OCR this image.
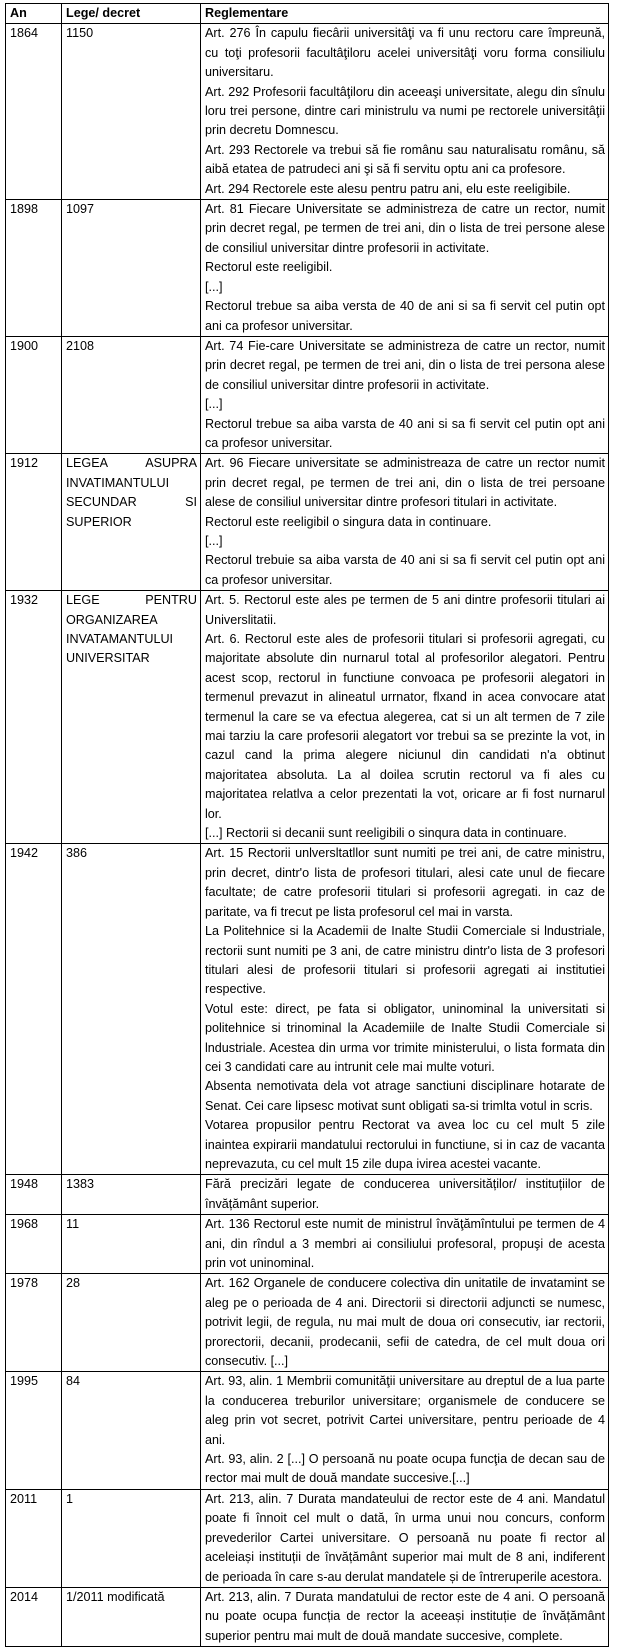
An	Lege/ decret	Reglementare
1864	1150	Art. 276 În capulu fiecârii universitâţi va fi unu rectoru care împreună, cu toţi profesorii facultâţiloru acelei universitâţi voru forma consiliulu universitaru.
Art. 292 Profesorii facultâţiloru din aceeaşi universitate, alegu din sînulu loru trei persone, dintre cari ministrulu va numi pe rectorele universitâţii prin decretu Domnescu.
Art. 293 Rectorele va trebui să fie românu sau naturalisatu românu, să aibă etatea de patrudeci ani şi să fi servitu optu ani ca profesore.
Art. 294 Rectorele este alesu pentru patru ani, elu este reeligibile.

1898	1097	Art. 81 Fiecare Universitate se administreza de catre un rector, numit prin decret regal, pe termen de trei ani, din o lista de trei persone alese de consiliul universitar dintre profesorii in activitate.
Rectorul este reeligibil.
[...]
Rectorul trebue sa aiba versta de 40 de ani si sa fi servit cel putin opt ani ca profesor universitar.

1900	2108	Art. 74 Fie-care Universitate se administreza de catre un rector, numit prin decret regal, pe termen de trei ani, din o lista de trei persona alese de consiliul universitar dintre profesorii in activitate.
[...]
Rectorul trebue sa aiba varsta de 40 ani si sa fi servit cel putin opt ani ca profesor universitar.

1912	LEGEA ASUPRA INVATIMANTULUI SECUNDAR SI SUPERIOR	Art. 96 Fiecare universitate se administreaza de catre un rector numit prin decret regal, pe termen de trei ani, din o lista de trei persoane alese de consiliul universitar dintre profesori titulari in activitate.
Rectorul este reeligibil o singura data in continuare.
[...]
Rectorul trebuie sa aiba varsta de 40 ani si sa fi servit cel putin opt ani ca profesor universitar.

1932	LEGE PENTRU ORGANIZAREA INVATAMANTULUI UNIVERSITAR	Art. 5. Rectorul este ales pe termen de 5 ani dintre profesorii titulari ai Universlitatii.
Art. 6. Rectorul este ales de profesorii titulari si profesorii agregati, cu majoritate absolute din nurnarul total al profesorilor alegatori. Pentru acest scop, rectorul in functiune convoaca pe profesorii alegatori in termenul prevazut in alineatul urrnator, flxand in acea convocare atat termenul la care se va efectua alegerea, cat si un alt termen de 7 zile mai tarziu la care profesorii alegatort vor trebui sa se prezinte la vot, in cazul cand la prima alegere niciunul din candidati n'a obtinut majoritatea absoluta. La al doilea scrutin rectorul va fi ales cu majoritatea relatlva a celor prezentati la vot, oricare ar fi fost nurnarul lor.
[...] Rectorii si decanii sunt reeligibili o sinqura data in continuare.

1942	386	Art. 15 Rectorii unlversltatllor sunt numiti pe trei ani, de catre ministru, prin decret, dintr'o lista de profesori titulari, alesi cate unul de fiecare facultate; de catre profesorii titulari si profesorii agregati. in caz de paritate, va fi trecut pe lista profesorul cel mai in varsta.
La Politehnice si la Academii de Inalte Studii Comerciale si lndustriale, rectorii sunt numiti pe 3 ani, de catre ministru dintr'o lista de 3 profesori titulari alesi de profesorii titulari si profesorii agregati ai institutiei respective.
Votul este: direct, pe fata si obligator, uninominal la universitati si politehnice si trinominal la Academiile de Inalte Studii Comerciale si lndustriale. Acestea din urma vor trimite ministerului, o lista formata din cei 3 candidati care au intrunit cele mai multe voturi.
Absenta nemotivata dela vot atrage sanctiuni disciplinare hotarate de Senat. Cei care lipsesc motivat sunt obligati sa-si trimlta votul in scris.
Votarea propusilor pentru Rectorat va avea loc cu cel mult 5 zile inaintea expirarii mandatului rectorului in functiune, si in caz de vacanta neprevazuta, cu cel mult 15 zile dupa ivirea acestei vacante.

1948	1383	Fără precizări legate de conducerea universităților/ instituțiilor de învățământ superior.

1968	11	Art. 136 Rectorul este numit de ministrul învăţămîntului pe termen de 4 ani, din rîndul a 3 membri ai consiliului profesoral, propuşi de acesta prin vot uninominal.

1978	28	Art. 162 Organele de conducere colectiva din unitatile de invatamint se aleg pe o perioada de 4 ani. Directorii si directorii adjuncti se numesc, potrivit legii, de regula, nu mai mult de doua ori consecutiv, iar rectorii, prorectorii, decanii, prodecanii, sefii de catedra, de cel mult doua ori consecutiv. [...]

1995	84	Art. 93, alin. 1 Membrii comunităţii universitare au dreptul de a lua parte la conducerea treburilor universitare; organismele de conducere se aleg prin vot secret, potrivit Cartei universitare, pentru perioade de 4 ani.
Art. 93, alin. 2 [...] O persoană nu poate ocupa funcţia de decan sau de rector mai mult de două mandate succesive.[...]

2011	1	Art. 213, alin. 7 Durata mandateului de rector este de 4 ani. Mandatul poate fi înnoit cel mult o dată, în urma unui nou concurs, conform prevederilor Cartei universitare. O persoană nu poate fi rector al aceleiași instituții de învățământ superior mai mult de 8 ani, indiferent de perioada în care s-au derulat mandatele și de întreruperile acestora.

2014	1/2011 modificată	Art. 213, alin. 7 Durata mandatului de rector este de 4 ani. O persoană nu poate ocupa funcția de rector la aceeași instituție de învățământ superior pentru mai mult de două mandate succesive, complete.
